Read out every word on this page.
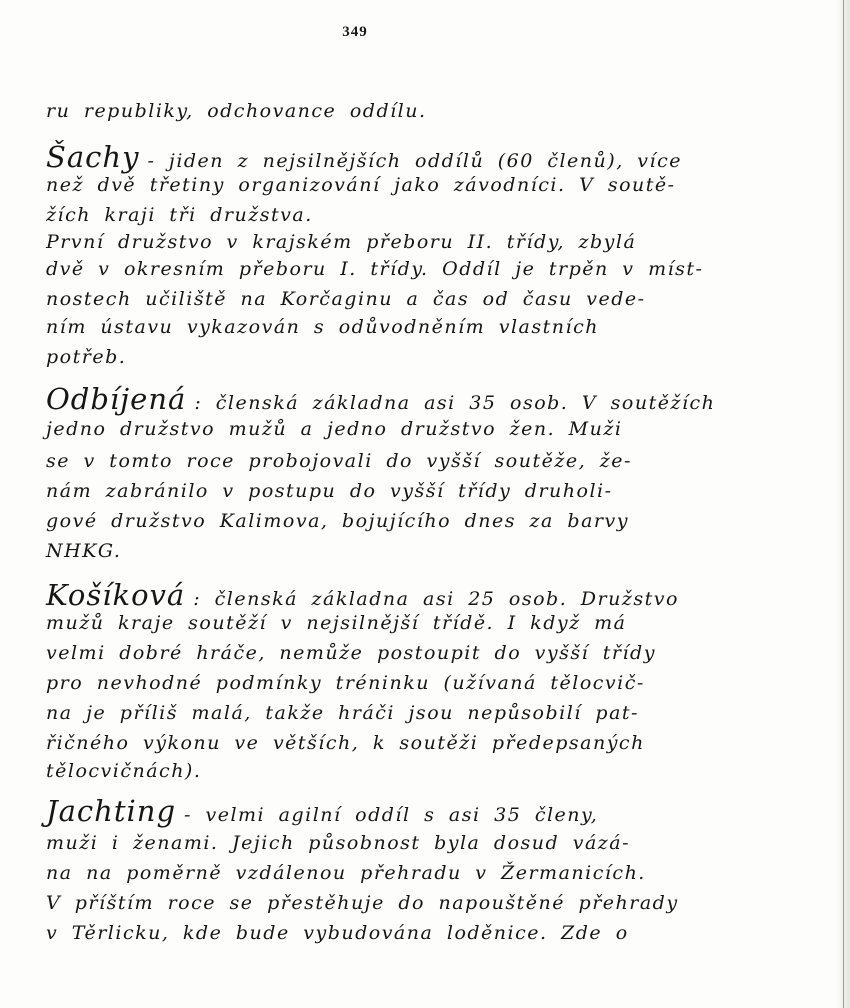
349
ru republiky, odchovance oddílu.
Šachy - jiden z nejsilnějších oddílů (60 členů), více
než dvě třetiny organizování jako závodníci. V soutě-
žích kraji tři družstva.
První družstvo v krajském přeboru II. třídy, zbylá
dvě v okresním přeboru I. třídy. Oddíl je trpěn v míst-
nostech učiliště na Korčaginu a čas od času vede-
ním ústavu vykazován s odůvodněním vlastních
potřeb.
Odbíjená : členská základna asi 35 osob. V soutěžích
jedno družstvo mužů a jedno družstvo žen. Muži
se v tomto roce probojovali do vyšší soutěže, že-
nám zabránilo v postupu do vyšší třídy druholi-
gové družstvo Kalimova, bojujícího dnes za barvy
NHKG.
Košíková : členská základna asi 25 osob. Družstvo
mužů kraje soutěží v nejsilnější třídě. I když má
velmi dobré hráče, nemůže postoupit do vyšší třídy
pro nevhodné podmínky tréninku (užívaná tělocvič-
na je příliš malá, takže hráči jsou nepůsobilí pat-
řičného výkonu ve větších, k soutěži předepsaných
tělocvičnách).
Jachting - velmi agilní oddíl s asi 35 členy,
muži i ženami. Jejich působnost byla dosud vázá-
na na poměrně vzdálenou přehradu v Žermanicích.
V příštím roce se přestěhuje do napouštěné přehrady
v Těrlicku, kde bude vybudována loděnice. Zde o
